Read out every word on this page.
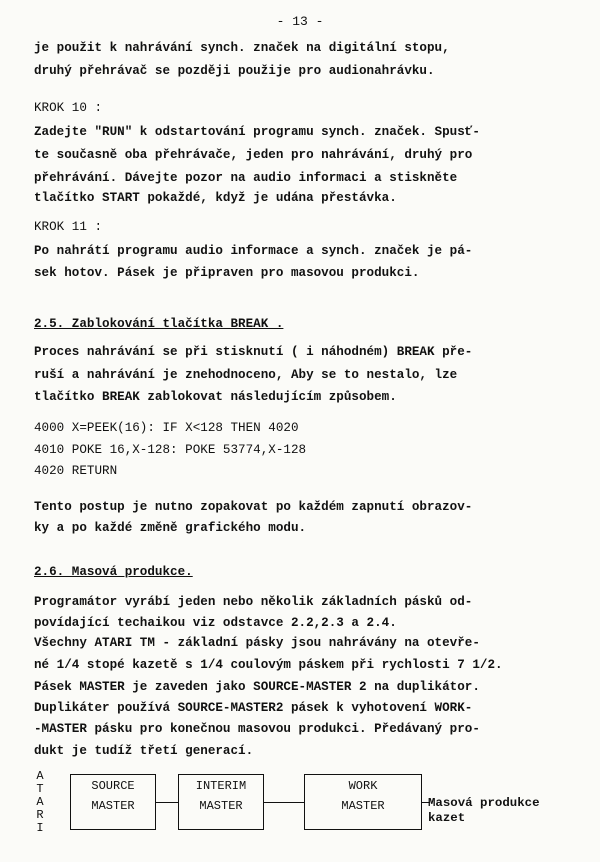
- 13 -
je použit k nahrávání synch. značek na digitální stopu,
druhý přehrávač se později použije pro audionahrávku.
KROK 10 :
Zadejte "RUN" k odstartování programu synch. značek. Spusť-
te současně oba přehrávače, jeden pro nahrávání, druhý pro
přehrávání. Dávejte pozor na audio informaci a stiskněte
tlačítko START pokaždé, když je udána přestávka.
KROK 11 :
Po nahrátí programu audio informace a synch. značek je pá-
sek hotov. Pásek je připraven pro masovou produkci.
2.5. Zablokování tlačítka BREAK .
Proces nahrávání se při stisknutí ( i náhodném) BREAK pře-
ruší a nahrávání je znehodnoceno, Aby se to nestalo, lze
tlačítko BREAK zablokovat následujícím způsobem.
4000 X=PEEK(16): IF X<128 THEN 4020
4010 POKE 16,X-128: POKE 53774,X-128
4020 RETURN
Tento postup je nutno zopakovat po každém zapnutí obrazov-
ky a po každé změně grafického modu.
2.6. Masová produkce.
Programátor vyrábí jeden nebo několik základních pásků od-
povídající techaikou viz odstavce 2.2,2.3 a 2.4.
Všechny ATARI TM - základní pásky jsou nahrávány na otevře-
né 1/4 stopé kazetě s 1/4 coulovým páskem při rychlosti 7 1/2.
Pásek MASTER je zaveden jako SOURCE-MASTER 2 na duplikátor.
Duplikáter používá SOURCE-MASTER2 pásek k vyhotovení WORK-
-MASTER pásku pro konečnou masovou produkci. Předávaný pro-
dukt je tudíž třetí generací.
A
T
A
R
I
SOURCE
MASTER
INTERIM
MASTER
WORK
MASTER	Masová produkce
kazet
